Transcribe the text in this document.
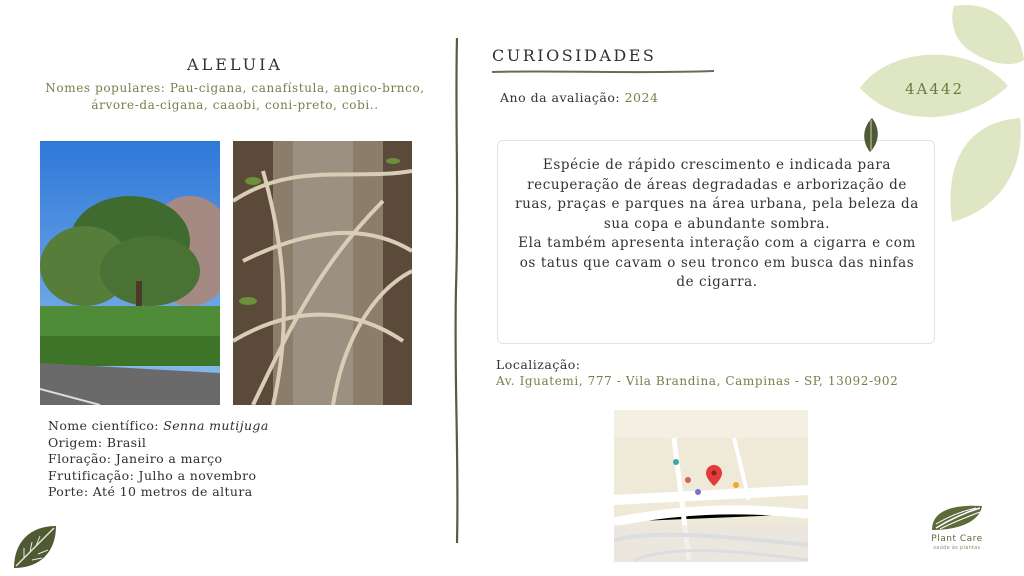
ALELUIA
Nomes populares: Pau-cigana, canafístula, angico-brnco, árvore-da-cigana, caaobi, coni-preto, cobi..
Nome científico: Senna mutijuga
Origem: Brasil
Floração: Janeiro a março
Frutificação: Julho a novembro
Porte: Até 10 metros de altura
CURIOSIDADES
Ano da avaliação: 2024
Espécie de rápido crescimento e indicada para recuperação de áreas degradadas e arborização de ruas, praças e parques na área urbana, pela beleza da sua copa e abundante sombra.
Ela também apresenta interação com a cigarra e com os tatus que cavam o seu tronco em busca das ninfas de cigarra.
Localização:
Av. Iguatemi, 777 - Vila Brandina, Campinas - SP, 13092-902
4A442
Plant Care
saúde às plantas
